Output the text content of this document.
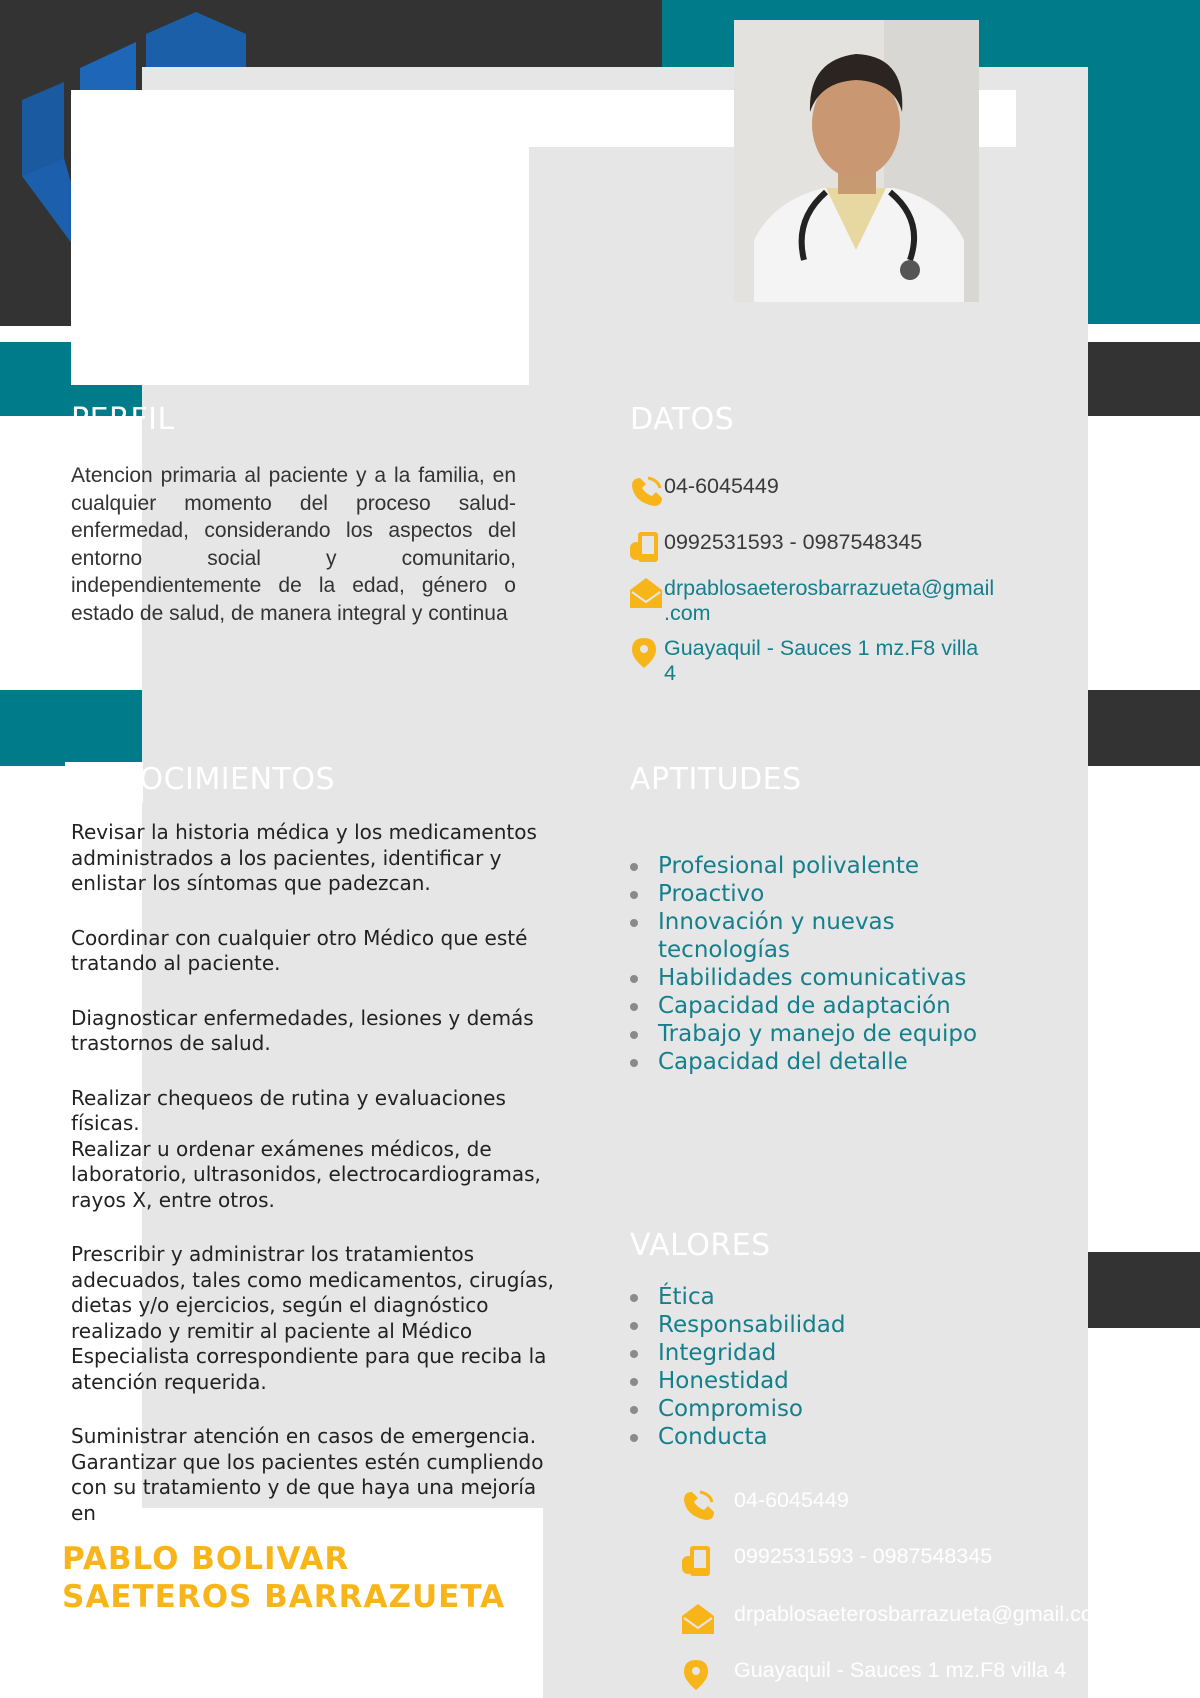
PERFIL
Atencion primaria al paciente y a la familia, en cualquier momento del proceso salud- enfermedad, considerando los aspectos del entorno social y comunitario, independientemente de la edad, género o estado de salud, de manera integral y continua
DATOS
04-6045449
0992531593 - 0987548345
drpablosaeterosbarrazueta@gmail
.com
Guayaquil - Sauces 1 mz.F8 villa
4
CONOCIMIENTOS

Revisar la historia médica y los medicamentos administrados a los pacientes, identificar y enlistar los síntomas que padezcan.

Coordinar con cualquier otro Médico que esté tratando al paciente.

Diagnosticar enfermedades, lesiones y demás trastornos de salud.

Realizar chequeos de rutina y evaluaciones físicas.

Realizar u ordenar exámenes médicos, de laboratorio, ultrasonidos, electrocardiogramas, rayos X, entre otros.

Prescribir y administrar los tratamientos adecuados, tales como medicamentos, cirugías, dietas y/o ejercicios, según el diagnóstico realizado y remitir al paciente al Médico Especialista correspondiente para que reciba la atención requerida.

Suministrar atención en casos de emergencia.

Garantizar que los pacientes estén cumpliendo con su tratamiento y de que haya una mejoría en

APTITUDES
Profesional polivalente
Proactivo
Innovación y nuevas tecnologías
Habilidades comunicativas
Capacidad de adaptación
Trabajo y manejo de equipo
Capacidad del detalle
VALORES
Ética
Responsabilidad
Integridad
Honestidad
Compromiso
Conducta
04-6045449
0992531593 - 0987548345
drpablosaeterosbarrazueta@gmail.com
Guayaquil - Sauces 1 mz.F8 villa 4
PABLO BOLIVAR
SAETEROS BARRAZUETA
